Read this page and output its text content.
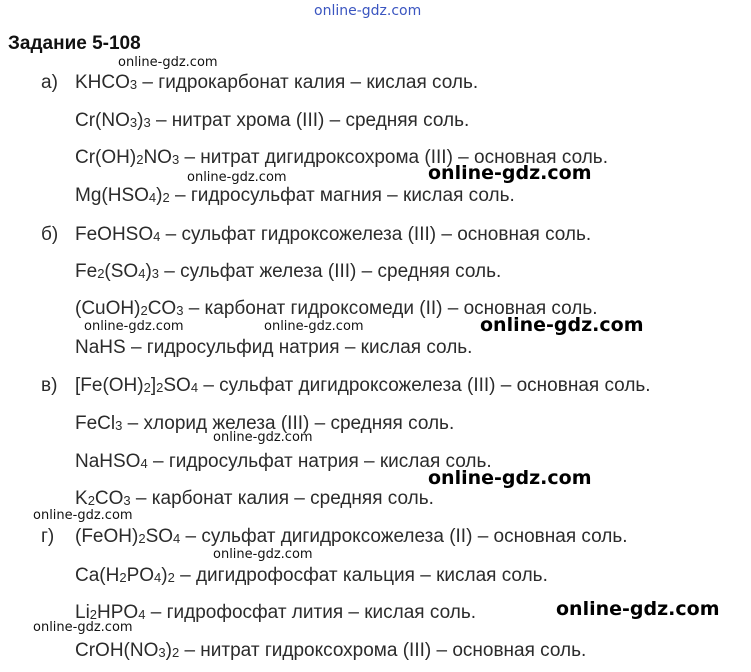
online-gdz.com
Задание 5-108
а) $KHCO_3$ – гидрокарбонат калия – кислая соль.
$Cr(NO_3)_3$ – нитрат хрома (III) – средняя соль.
$Cr(OH)_2NO_3$ – нитрат дигидроксохрома (III) – основная соль.
$Mg(HSO_4)_2$ – гидросульфат магния – кислая соль.
б) FeOHSO$_4$ – сульфат гидроксожелеза (III) – основная соль.
$Fe_2(SO_4)_3$ – сульфат железа (III) – средняя соль.
$(CuOH)_2CO_3$ – карбонат гидроксомеди (II) – основная соль.
NaHS – гидросульфид натрия – кислая соль.
в) $[Fe(OH)_2]_2SO_4$ – сульфат дигидроксожелеза (III) – основная соль.
FeCl$_3$ – хлорид железа (III) – средняя соль.
NaHSO$_4$ – гидросульфат натрия – кислая соль.
$K_2CO_3$ – карбонат калия – средняя соль.
г) $(FeOH)_2SO_4$ – сульфат дигидроксожелеза (II) – основная соль.
$Ca(H_2PO_4)_2$ – дигидрофосфат кальция – кислая соль.
$Li_2HPO_4$ – гидрофосфат лития – кислая соль.
$CrOH(NO_3)_2$ – нитрат гидроксохрома (III) – основная соль.
online-gdz.com
online-gdz.com
online-gdz.com	online-gdz.com
online-gdz.com
online-gdz.com
online-gdz.com
online-gdz.com
online-gdz.com
online-gdz.com
online-gdz.com
online-gdz.com
